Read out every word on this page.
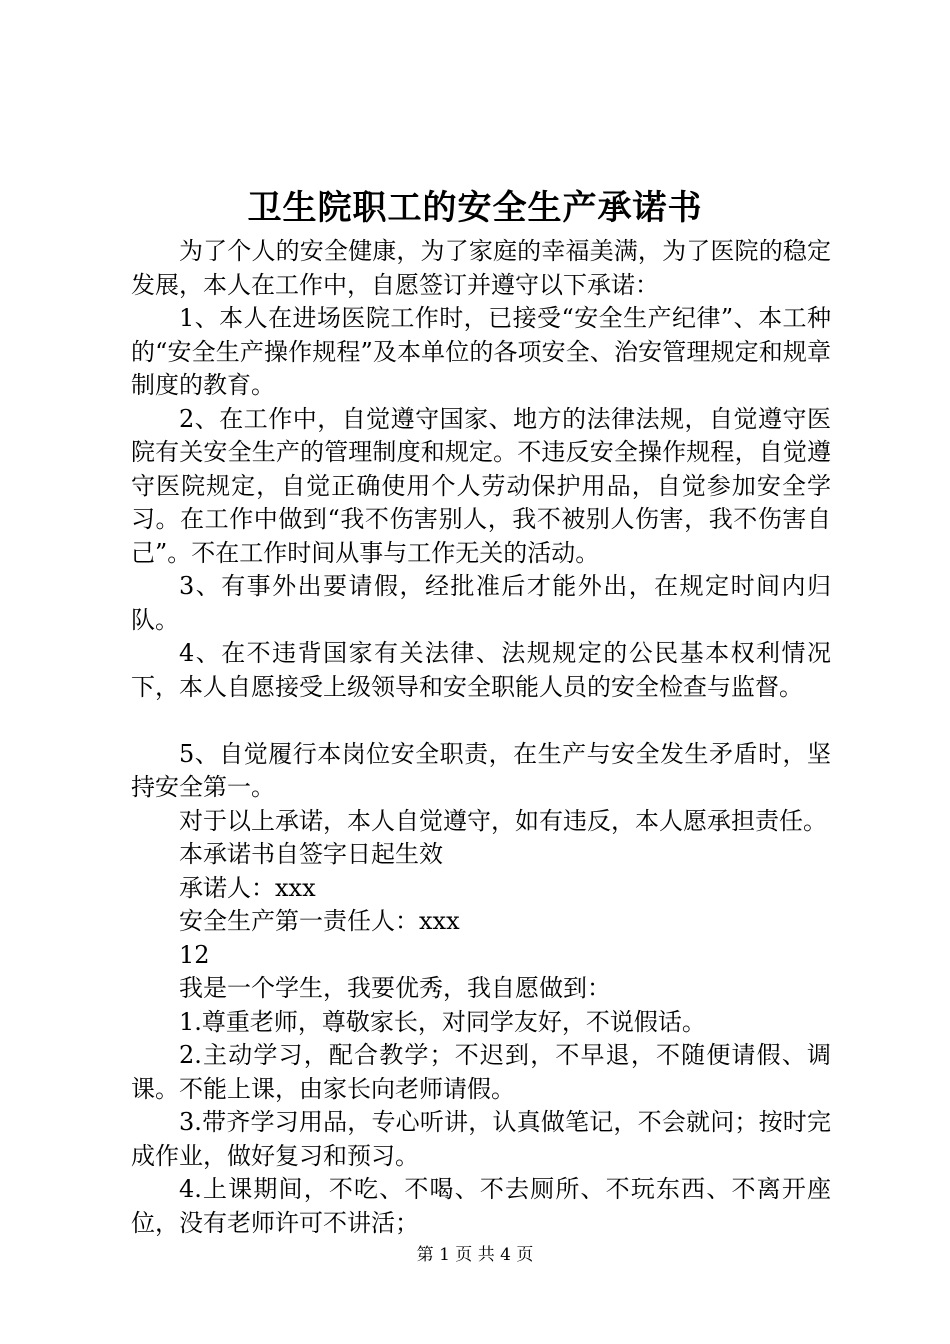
卫生院职工的安全生产承诺书

为了个人的安全健康，为了家庭的幸福美满，为了医院的稳定发展，本人在工作中，自愿签订并遵守以下承诺：

1、本人在进场医院工作时，已接受“安全生产纪律”、本工种的“安全生产操作规程”及本单位的各项安全、治安管理规定和规章制度的教育。

2、在工作中，自觉遵守国家、地方的法律法规，自觉遵守医院有关安全生产的管理制度和规定。不违反安全操作规程，自觉遵守医院规定，自觉正确使用个人劳动保护用品，自觉参加安全学习。在工作中做到“我不伤害别人，我不被别人伤害，我不伤害自己”。不在工作时间从事与工作无关的活动。

3、有事外出要请假，经批准后才能外出，在规定时间内归队。

4、在不违背国家有关法律、法规规定的公民基本权利情况下，本人自愿接受上级领导和安全职能人员的安全检查与监督。

5、自觉履行本岗位安全职责，在生产与安全发生矛盾时，坚持安全第一。

对于以上承诺，本人自觉遵守，如有违反，本人愿承担责任。

本承诺书自签字日起生效

承诺人：xxx

安全生产第一责任人：xxx

12

我是一个学生，我要优秀，我自愿做到：

1.尊重老师，尊敬家长，对同学友好，不说假话。

2.主动学习，配合教学；不迟到，不早退，不随便请假、调课。不能上课，由家长向老师请假。

3.带齐学习用品，专心听讲，认真做笔记，不会就问；按时完成作业，做好复习和预习。

4.上课期间，不吃、不喝、不去厕所、不玩东西、不离开座位，没有老师许可不讲活；

第 1 页 共 4 页
